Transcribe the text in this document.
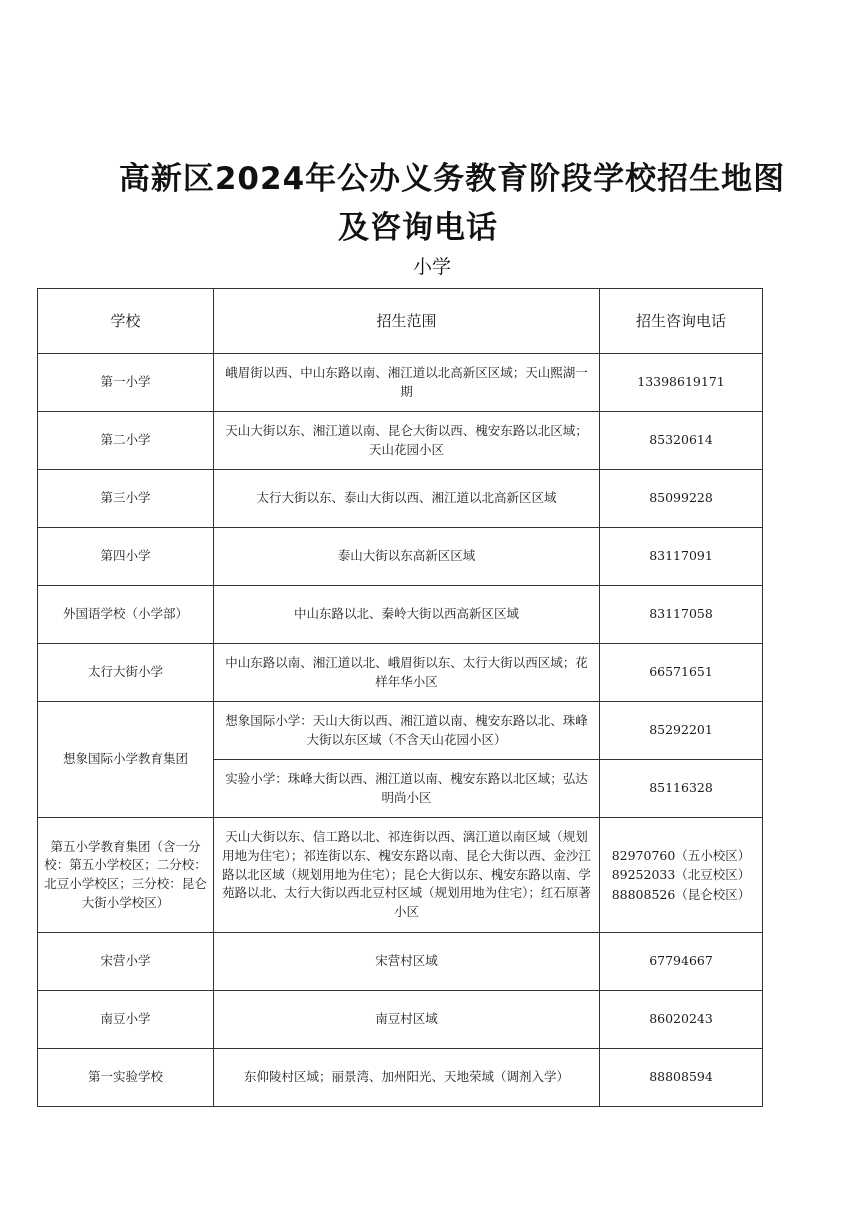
高新区2024年公办义务教育阶段学校招生地图
及咨询电话
小学
学校	招生范围	招生咨询电话
第一小学	峨眉街以西、中山东路以南、湘江道以北高新区区域；天山熙湖一期	13398619171
第二小学	天山大街以东、湘江道以南、昆仑大街以西、槐安东路以北区域；天山花园小区	85320614
第三小学	太行大街以东、泰山大街以西、湘江道以北高新区区域	85099228
第四小学	泰山大街以东高新区区域	83117091
外国语学校（小学部）	中山东路以北、秦岭大街以西高新区区域	83117058
太行大街小学	中山东路以南、湘江道以北、峨眉街以东、太行大街以西区域；花样年华小区	66571651
想象国际小学教育集团	想象国际小学：天山大街以西、湘江道以南、槐安东路以北、珠峰大街以东区域（不含天山花园小区）	85292201
	实验小学：珠峰大街以西、湘江道以南、槐安东路以北区域；弘达明尚小区	85116328
第五小学教育集团（含一分校：第五小学校区；二分校：北豆小学校区；三分校：昆仑大街小学校区）	天山大街以东、信工路以北、祁连街以西、漓江道以南区域（规划用地为住宅）；祁连街以东、槐安东路以南、昆仑大街以西、金沙江路以北区域（规划用地为住宅）；昆仑大街以东、槐安东路以南、学苑路以北、太行大街以西北豆村区域（规划用地为住宅）；红石原著小区	82970760（五小校区）
89252033（北豆校区）
88808526（昆仑校区）

宋营小学	宋营村区域	67794667
南豆小学	南豆村区域	86020243
第一实验学校	东仰陵村区域；丽景湾、加州阳光、天地荣域（调剂入学）	88808594
